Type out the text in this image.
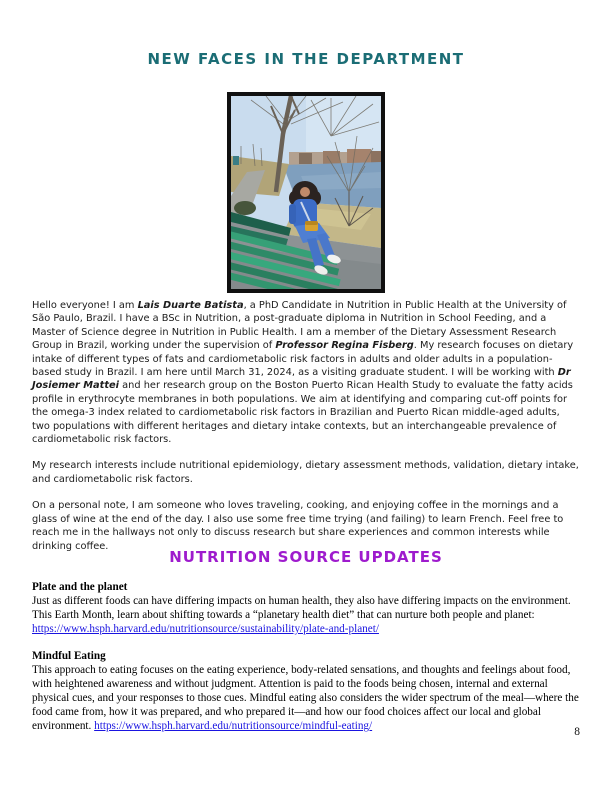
NEW FACES IN THE DEPARTMENT

Hello everyone! I am Lais Duarte Batista, a PhD Candidate in Nutrition in Public Health at the University of São Paulo, Brazil. I have a BSc in Nutrition, a post-graduate diploma in Nutrition in School Feeding, and a Master of Science degree in Nutrition in Public Health. I am a member of the Dietary Assessment Research Group in Brazil, working under the supervision of Professor Regina Fisberg. My research focuses on dietary intake of different types of fats and cardiometabolic risk factors in adults and older adults in a population-based study in Brazil. I am here until March 31, 2024, as a visiting graduate student. I will be working with Dr Josiemer Mattei and her research group on the Boston Puerto Rican Health Study to evaluate the fatty acids profile in erythrocyte membranes in both populations. We aim at identifying and comparing cut-off points for the omega-3 index related to cardiometabolic risk factors in Brazilian and Puerto Rican middle-aged adults, two populations with different heritages and dietary intake contexts, but an interchangeable prevalence of cardiometabolic risk factors.

My research interests include nutritional epidemiology, dietary assessment methods, validation, dietary intake, and cardiometabolic risk factors.

On a personal note, I am someone who loves traveling, cooking, and enjoying coffee in the mornings and a glass of wine at the end of the day. I also use some free time trying (and failing) to learn French. Feel free to reach me in the hallways not only to discuss research but share experiences and common interests while drinking coffee.

NUTRITION SOURCE UPDATES

Plate and the planet

Just as different foods can have differing impacts on human health, they also have differing impacts on the environment. This Earth Month, learn about shifting towards a “planetary health diet” that can nurture both people and planet: https://www.hsph.harvard.edu/nutritionsource/sustainability/plate-and-planet/

Mindful Eating

This approach to eating focuses on the eating experience, body-related sensations, and thoughts and feelings about food, with heightened awareness and without judgment. Attention is paid to the foods being chosen, internal and external physical cues, and your responses to those cues. Mindful eating also considers the wider spectrum of the meal—where the food came from, how it was prepared, and who prepared it—and how our food choices affect our local and global environment. https://www.hsph.harvard.edu/nutritionsource/mindful-eating/	8
